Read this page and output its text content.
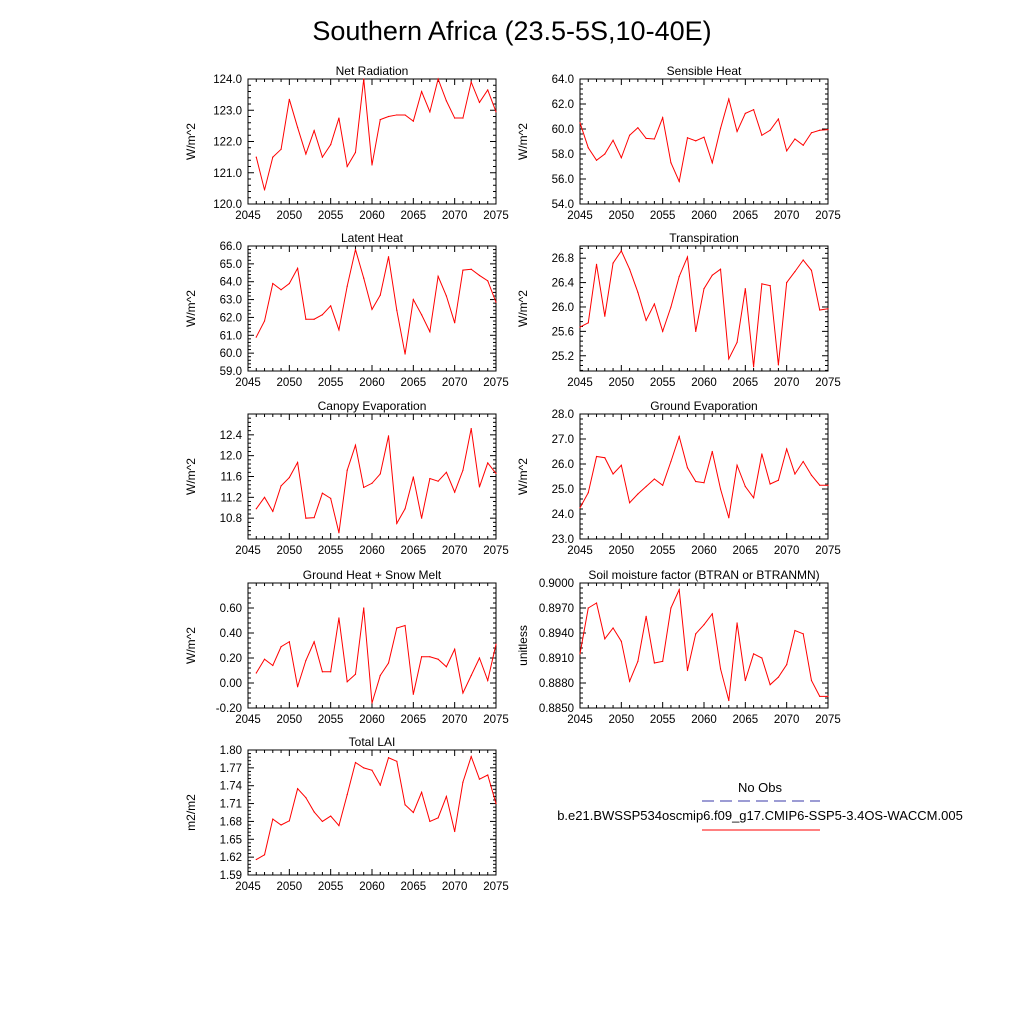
Southern Africa (23.5-5S,10-40E)
Net Radiation
W/m^2
2045 2050 2055 2060 2065 2070 2075
120.0
121.0
122.0
123.0
124.0
Sensible Heat
W/m^2
2045 2050 2055 2060 2065 2070 2075
54.0
56.0
58.0
60.0
62.0
64.0
Latent Heat
W/m^2
2045 2050 2055 2060 2065 2070 2075
59.0
60.0
61.0
62.0
63.0
64.0
65.0
66.0
Transpiration
W/m^2
2045 2050 2055 2060 2065 2070 2075
25.2
25.6
26.0
26.4
26.8
Canopy Evaporation
W/m^2
2045 2050 2055 2060 2065 2070 2075
10.8
11.2
11.6
12.0
12.4
Ground Evaporation
W/m^2
2045 2050 2055 2060 2065 2070 2075
23.0
24.0
25.0
26.0
27.0
28.0
Ground Heat + Snow Melt
W/m^2
2045 2050 2055 2060 2065 2070 2075
-0.20
0.00
0.20
0.40
0.60
Soil moisture factor (BTRAN or BTRANMN)
unitless
2045 2050 2055 2060 2065 2070 2075
0.8850
0.8880
0.8910
0.8940
0.8970
0.9000
Total LAI
m2/m2
2045 2050 2055 2060 2065 2070 2075
1.59
1.62
1.65
1.68
1.71
1.74
1.77
1.80
No Obs
b.e21.BWSSP534oscmip6.f09_g17.CMIP6-SSP5-3.4OS-WACCM.005
